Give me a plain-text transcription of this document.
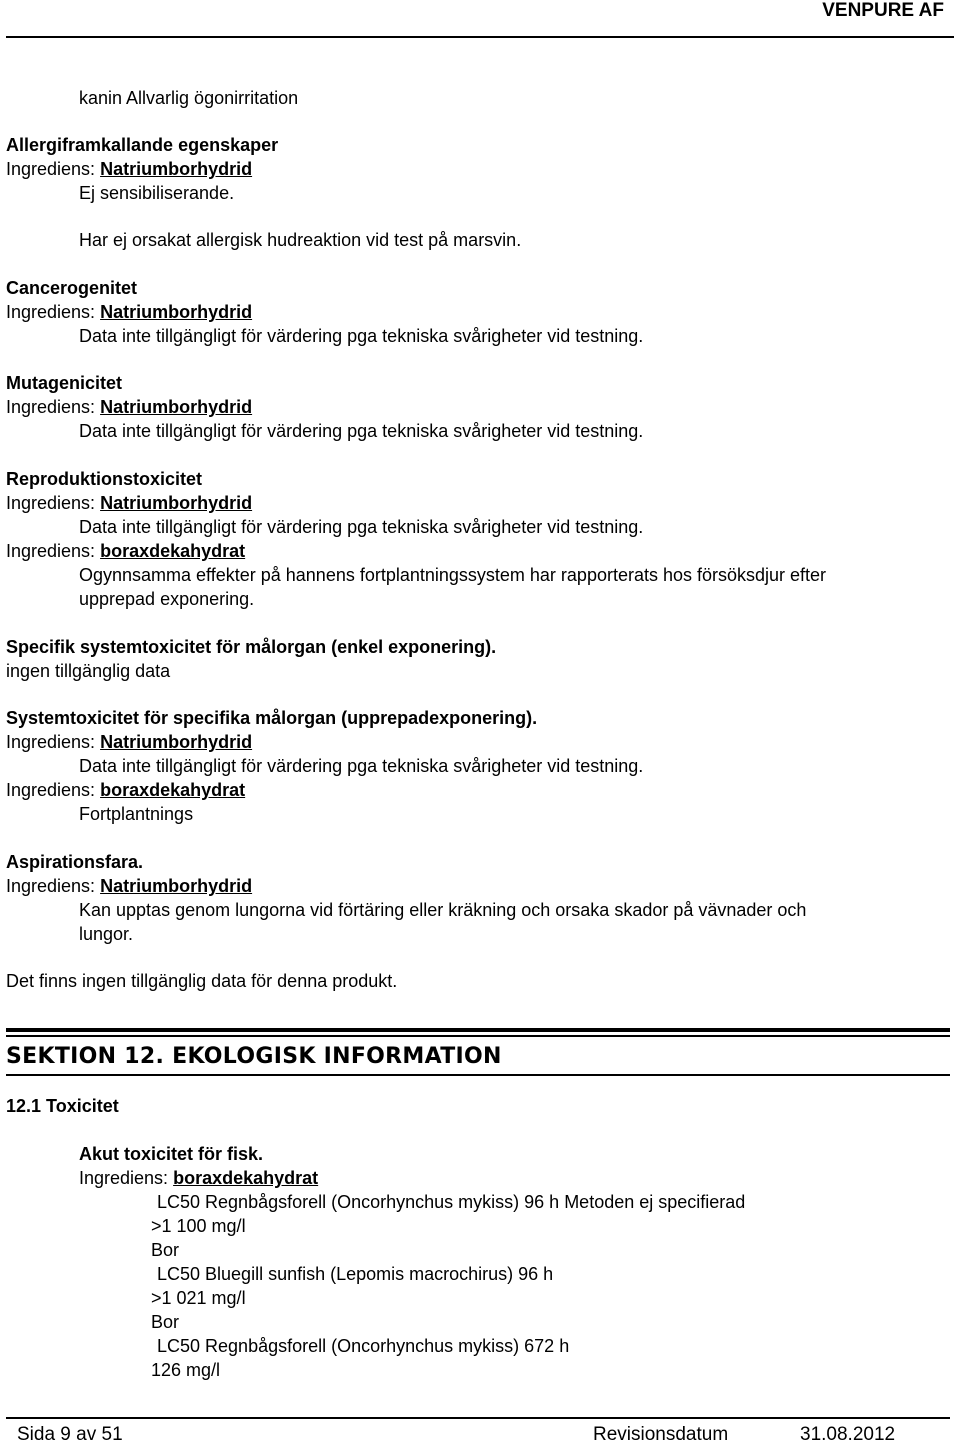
VENPURE AF
kanin Allvarlig ögonirritation
Allergiframkallande egenskaper
Ingrediens: Natriumborhydrid
Ej sensibiliserande.
Har ej orsakat allergisk hudreaktion vid test på marsvin.
Cancerogenitet
Ingrediens: Natriumborhydrid
Data inte tillgängligt för värdering pga tekniska svårigheter vid testning.
Mutagenicitet
Ingrediens: Natriumborhydrid
Data inte tillgängligt för värdering pga tekniska svårigheter vid testning.
Reproduktionstoxicitet
Ingrediens: Natriumborhydrid
Data inte tillgängligt för värdering pga tekniska svårigheter vid testning.
Ingrediens: boraxdekahydrat
Ogynnsamma effekter på hannens fortplantningssystem har rapporterats hos försöksdjur efter
upprepad exponering.
Specifik systemtoxicitet för målorgan (enkel exponering).
ingen tillgänglig data
Systemtoxicitet för specifika målorgan (upprepadexponering).
Ingrediens: Natriumborhydrid
Data inte tillgängligt för värdering pga tekniska svårigheter vid testning.
Ingrediens: boraxdekahydrat
Fortplantnings
Aspirationsfara.
Ingrediens: Natriumborhydrid
Kan upptas genom lungorna vid förtäring eller kräkning och orsaka skador på vävnader och
lungor.
Det finns ingen tillgänglig data för denna produkt.
SEKTION 12. EKOLOGISK INFORMATION
12.1 Toxicitet
Akut toxicitet för fisk.
Ingrediens: boraxdekahydrat
LC50 Regnbågsforell (Oncorhynchus mykiss) 96 h Metoden ej specifierad
>1 100 mg/l
Bor
LC50 Bluegill sunfish (Lepomis macrochirus) 96 h
>1 021 mg/l
Bor
LC50 Regnbågsforell (Oncorhynchus mykiss) 672 h
126 mg/l
Sida 9 av 51	Revisionsdatum	31.08.2012
